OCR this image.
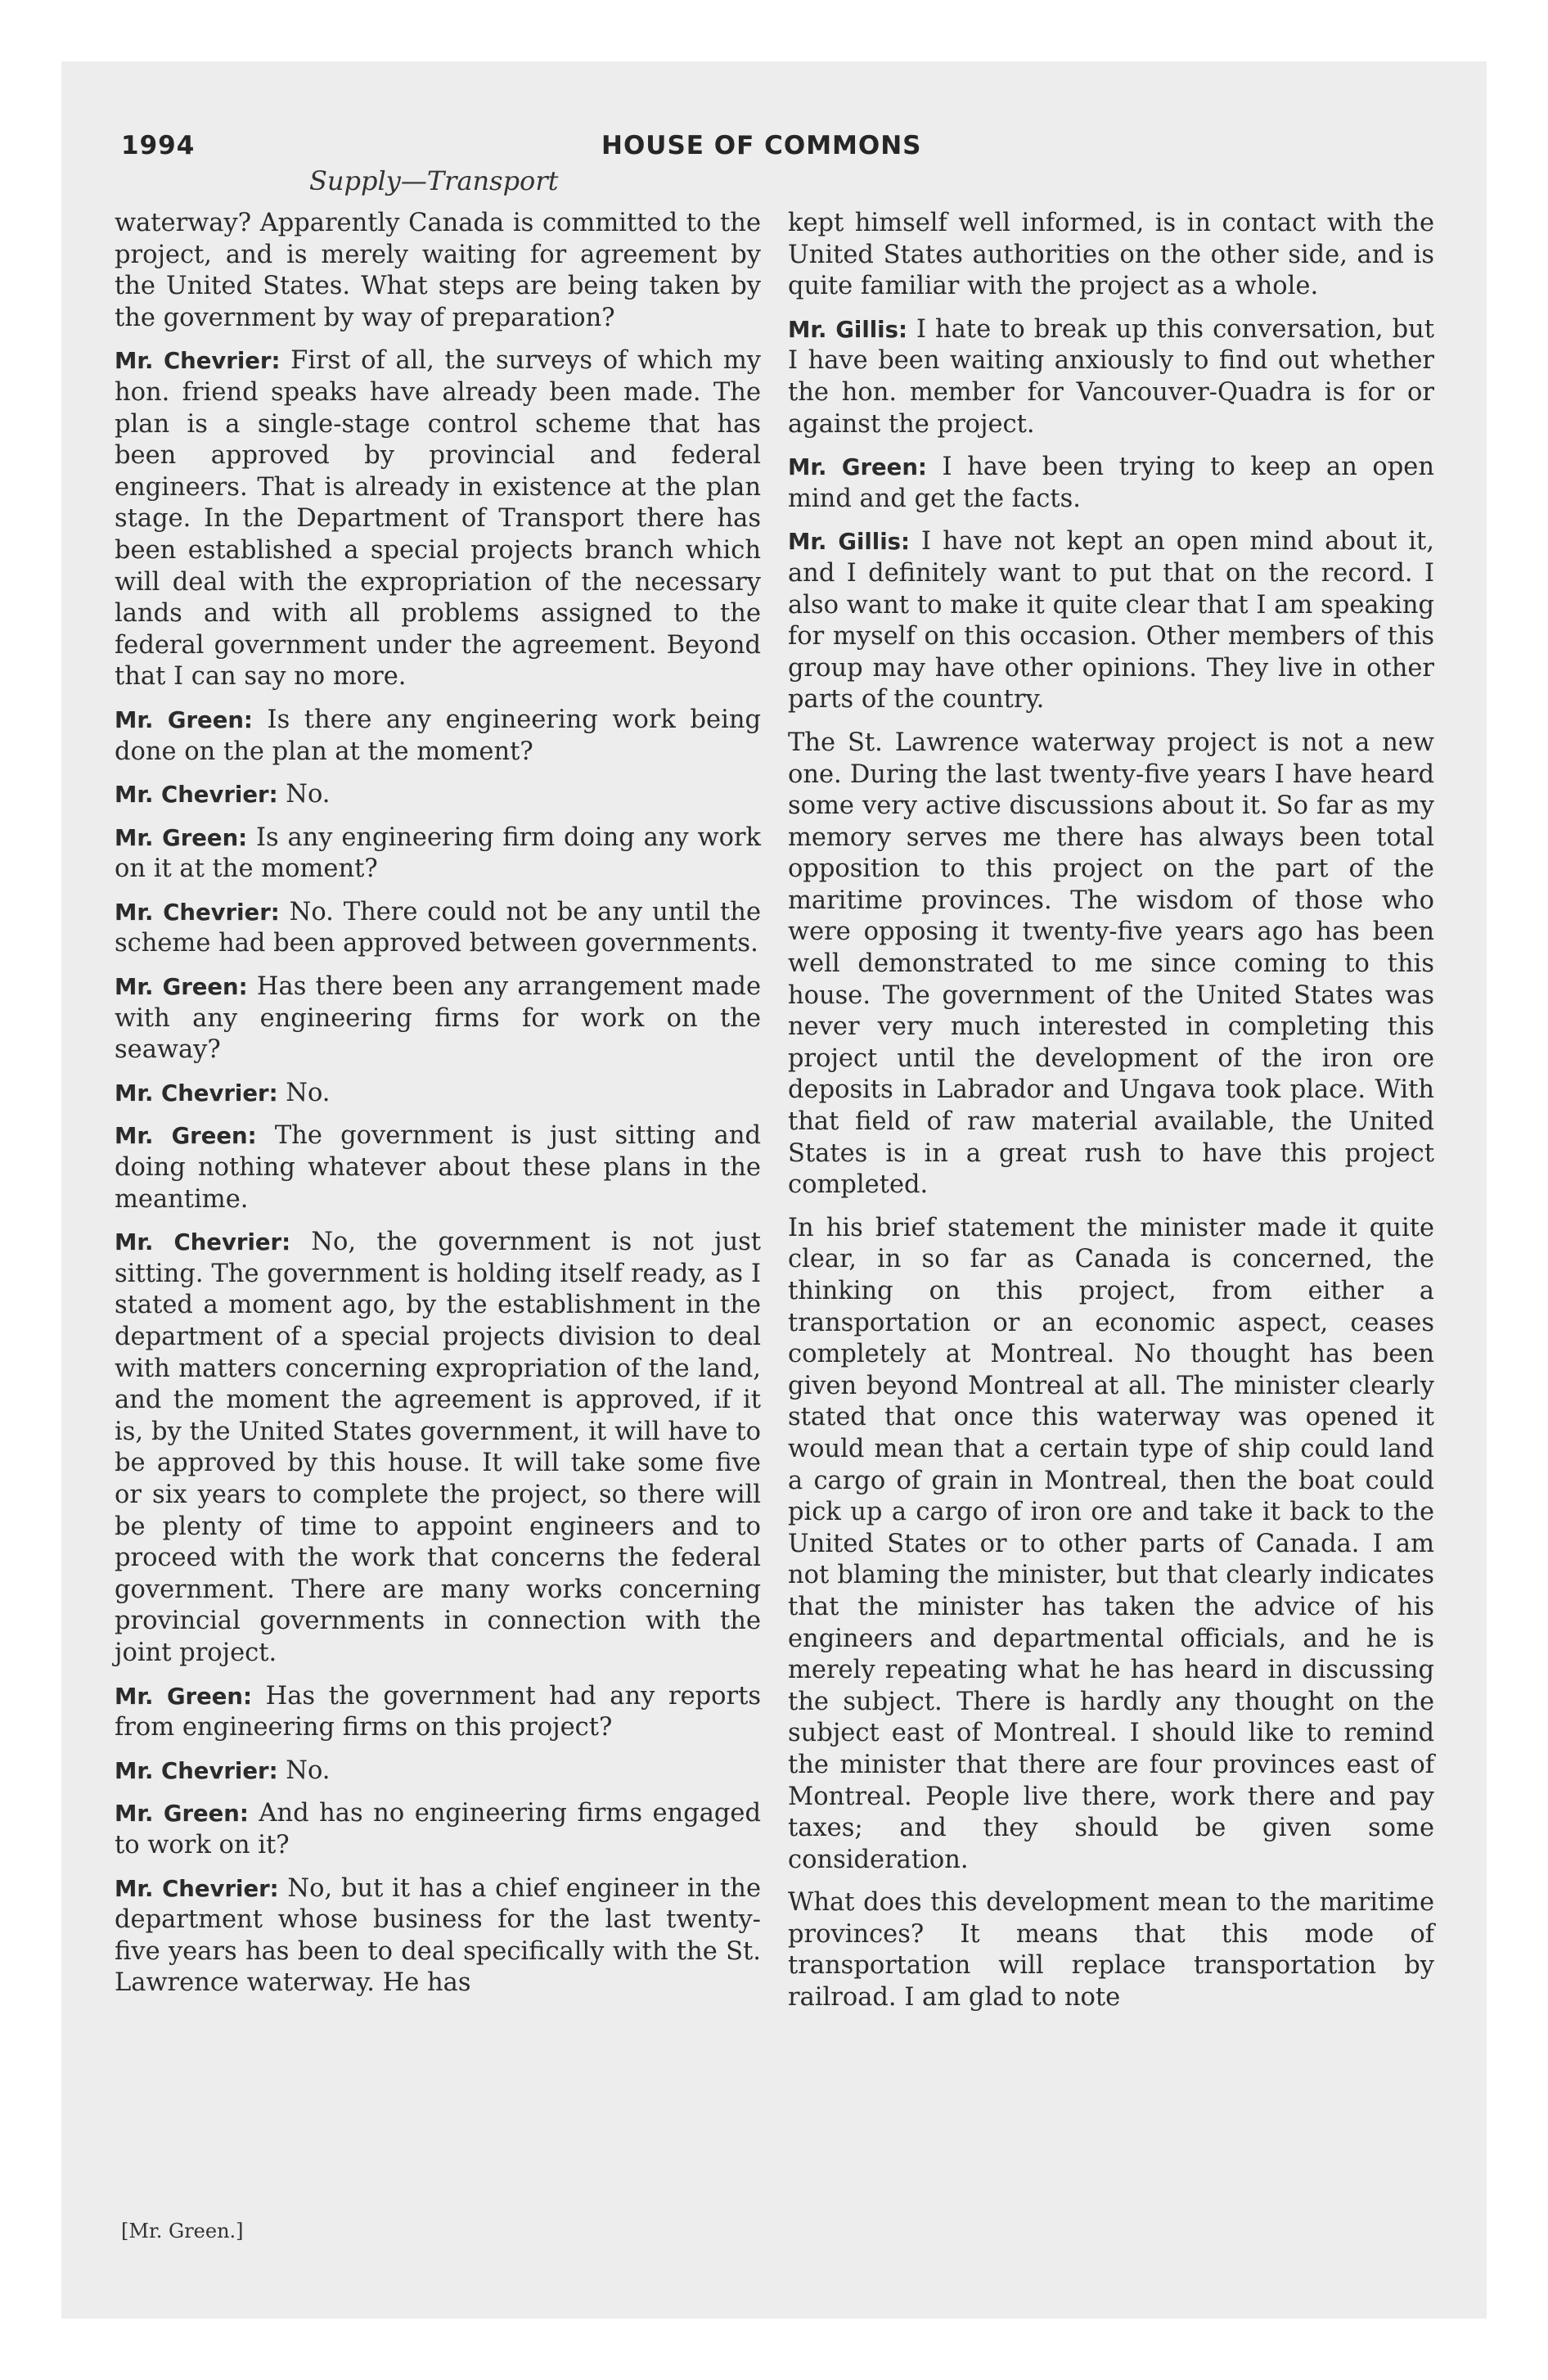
1994	HOUSE OF COMMONS
Supply—Transport

waterway? Apparently Canada is committed to the project, and is merely waiting for agreement by the United States. What steps are being taken by the government by way of preparation?

Mr. Chevrier: First of all, the surveys of which my hon. friend speaks have already been made. The plan is a single-stage control scheme that has been approved by provincial and federal engineers. That is already in existence at the plan stage. In the Department of Transport there has been established a special projects branch which will deal with the expropriation of the necessary lands and with all problems assigned to the federal government under the agreement. Beyond that I can say no more.

Mr. Green: Is there any engineering work being done on the plan at the moment?

Mr. Chevrier: No.

Mr. Green: Is any engineering firm doing any work on it at the moment?

Mr. Chevrier: No. There could not be any until the scheme had been approved between governments.

Mr. Green: Has there been any arrangement made with any engineering firms for work on the seaway?

Mr. Chevrier: No.

Mr. Green: The government is just sitting and doing nothing whatever about these plans in the meantime.

Mr. Chevrier: No, the government is not just sitting. The government is holding itself ready, as I stated a moment ago, by the establishment in the department of a special projects division to deal with matters concerning expropriation of the land, and the moment the agreement is approved, if it is, by the United States government, it will have to be approved by this house. It will take some five or six years to complete the project, so there will be plenty of time to appoint engineers and to proceed with the work that concerns the federal government. There are many works concerning provincial governments in connection with the joint project.

Mr. Green: Has the government had any reports from engineering firms on this project?

Mr. Chevrier: No.

Mr. Green: And has no engineering firms engaged to work on it?

Mr. Chevrier: No, but it has a chief engineer in the department whose business for the last twenty-five years has been to deal specifically with the St. Lawrence waterway. He has

kept himself well informed, is in contact with the United States authorities on the other side, and is quite familiar with the project as a whole.

Mr. Gillis: I hate to break up this conversation, but I have been waiting anxiously to find out whether the hon. member for Vancouver-Quadra is for or against the project.

Mr. Green: I have been trying to keep an open mind and get the facts.

Mr. Gillis: I have not kept an open mind about it, and I definitely want to put that on the record. I also want to make it quite clear that I am speaking for myself on this occasion. Other members of this group may have other opinions. They live in other parts of the country.

The St. Lawrence waterway project is not a new one. During the last twenty-five years I have heard some very active discussions about it. So far as my memory serves me there has always been total opposition to this project on the part of the maritime provinces. The wisdom of those who were opposing it twenty-five years ago has been well demonstrated to me since coming to this house. The government of the United States was never very much interested in completing this project until the development of the iron ore deposits in Labrador and Ungava took place. With that field of raw material available, the United States is in a great rush to have this project completed.

In his brief statement the minister made it quite clear, in so far as Canada is concerned, the thinking on this project, from either a transportation or an economic aspect, ceases completely at Montreal. No thought has been given beyond Montreal at all. The minister clearly stated that once this waterway was opened it would mean that a certain type of ship could land a cargo of grain in Montreal, then the boat could pick up a cargo of iron ore and take it back to the United States or to other parts of Canada. I am not blaming the minister, but that clearly indicates that the minister has taken the advice of his engineers and departmental officials, and he is merely repeating what he has heard in discussing the subject. There is hardly any thought on the subject east of Montreal. I should like to remind the minister that there are four provinces east of Montreal. People live there, work there and pay taxes; and they should be given some consideration.

What does this development mean to the maritime provinces? It means that this mode of transportation will replace transportation by railroad. I am glad to note

[Mr. Green.]
